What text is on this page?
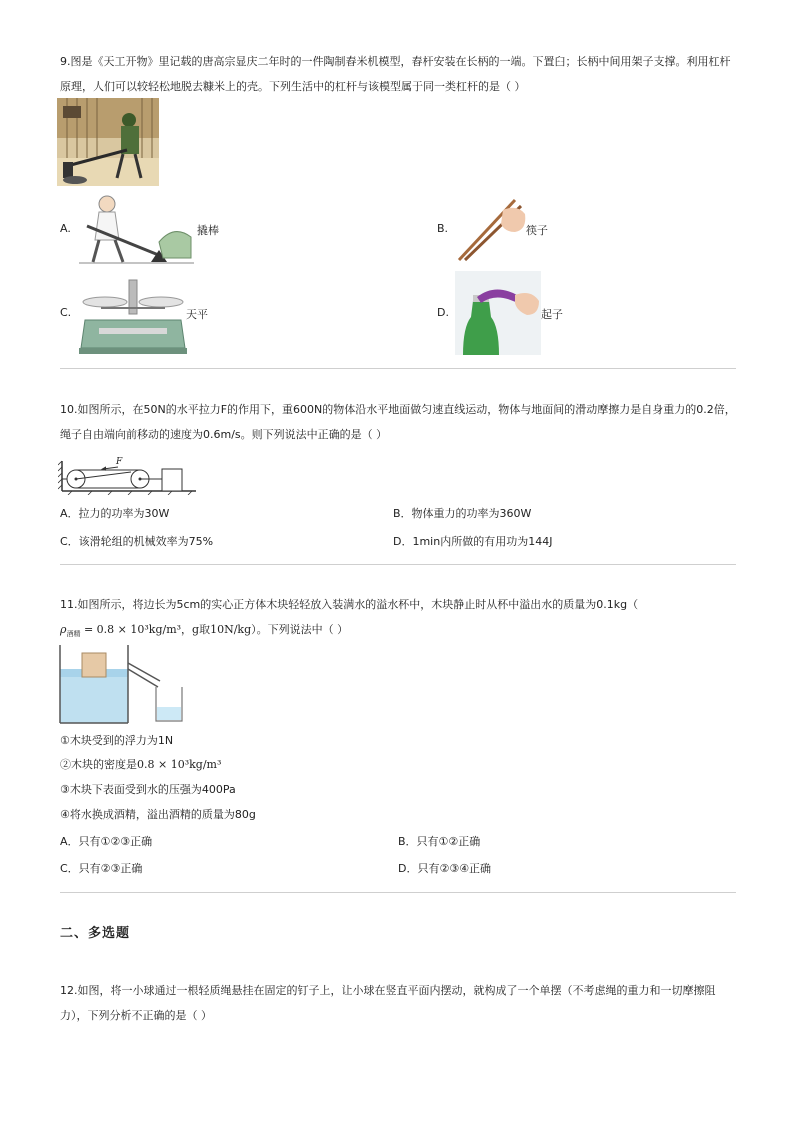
9.图是《天工开物》里记载的唐高宗显庆二年时的一件陶制舂米机模型，舂杆安装在长柄的一端。下置臼；长柄中间用架子支撑。利用杠杆
原理，人们可以较轻松地脱去糠米上的壳。下列生活中的杠杆与该模型属于同一类杠杆的是（ ）
A.	撬棒	B.	筷子
C.	天平	D.	起子
10.如图所示，在50N的水平拉力F的作用下，重600N的物体沿水平地面做匀速直线运动，物体与地面间的滑动摩擦力是自身重力的0.2倍，
绳子自由端向前移动的速度为0.6m/s。则下列说法中正确的是（ ）
F
A．拉力的功率为30W	B．物体重力的功率为360W
C．该滑轮组的机械效率为75%	D．1min内所做的有用功为144J
11.如图所示，将边长为5cm的实心正方体木块轻轻放入装满水的溢水杯中，木块静止时从杯中溢出水的质量为0.1kg（
$\rho_{酒精} = 0.8 \times 10^3kg/m^3$，g取10N/kg）。下列说法中（ ）
①木块受到的浮力为1N
②木块的密度是0.8 × 10³kg/m³
③木块下表面受到水的压强为400Pa
④将水换成酒精，溢出酒精的质量为80g
A．只有①②③正确	B．只有①②正确
C．只有②③正确	D．只有②③④正确
二、多选题
12.如图，将一小球通过一根轻质绳悬挂在固定的钉子上，让小球在竖直平面内摆动，就构成了一个单摆（不考虑绳的重力和一切摩擦阻
力），下列分析不正确的是（ ）
